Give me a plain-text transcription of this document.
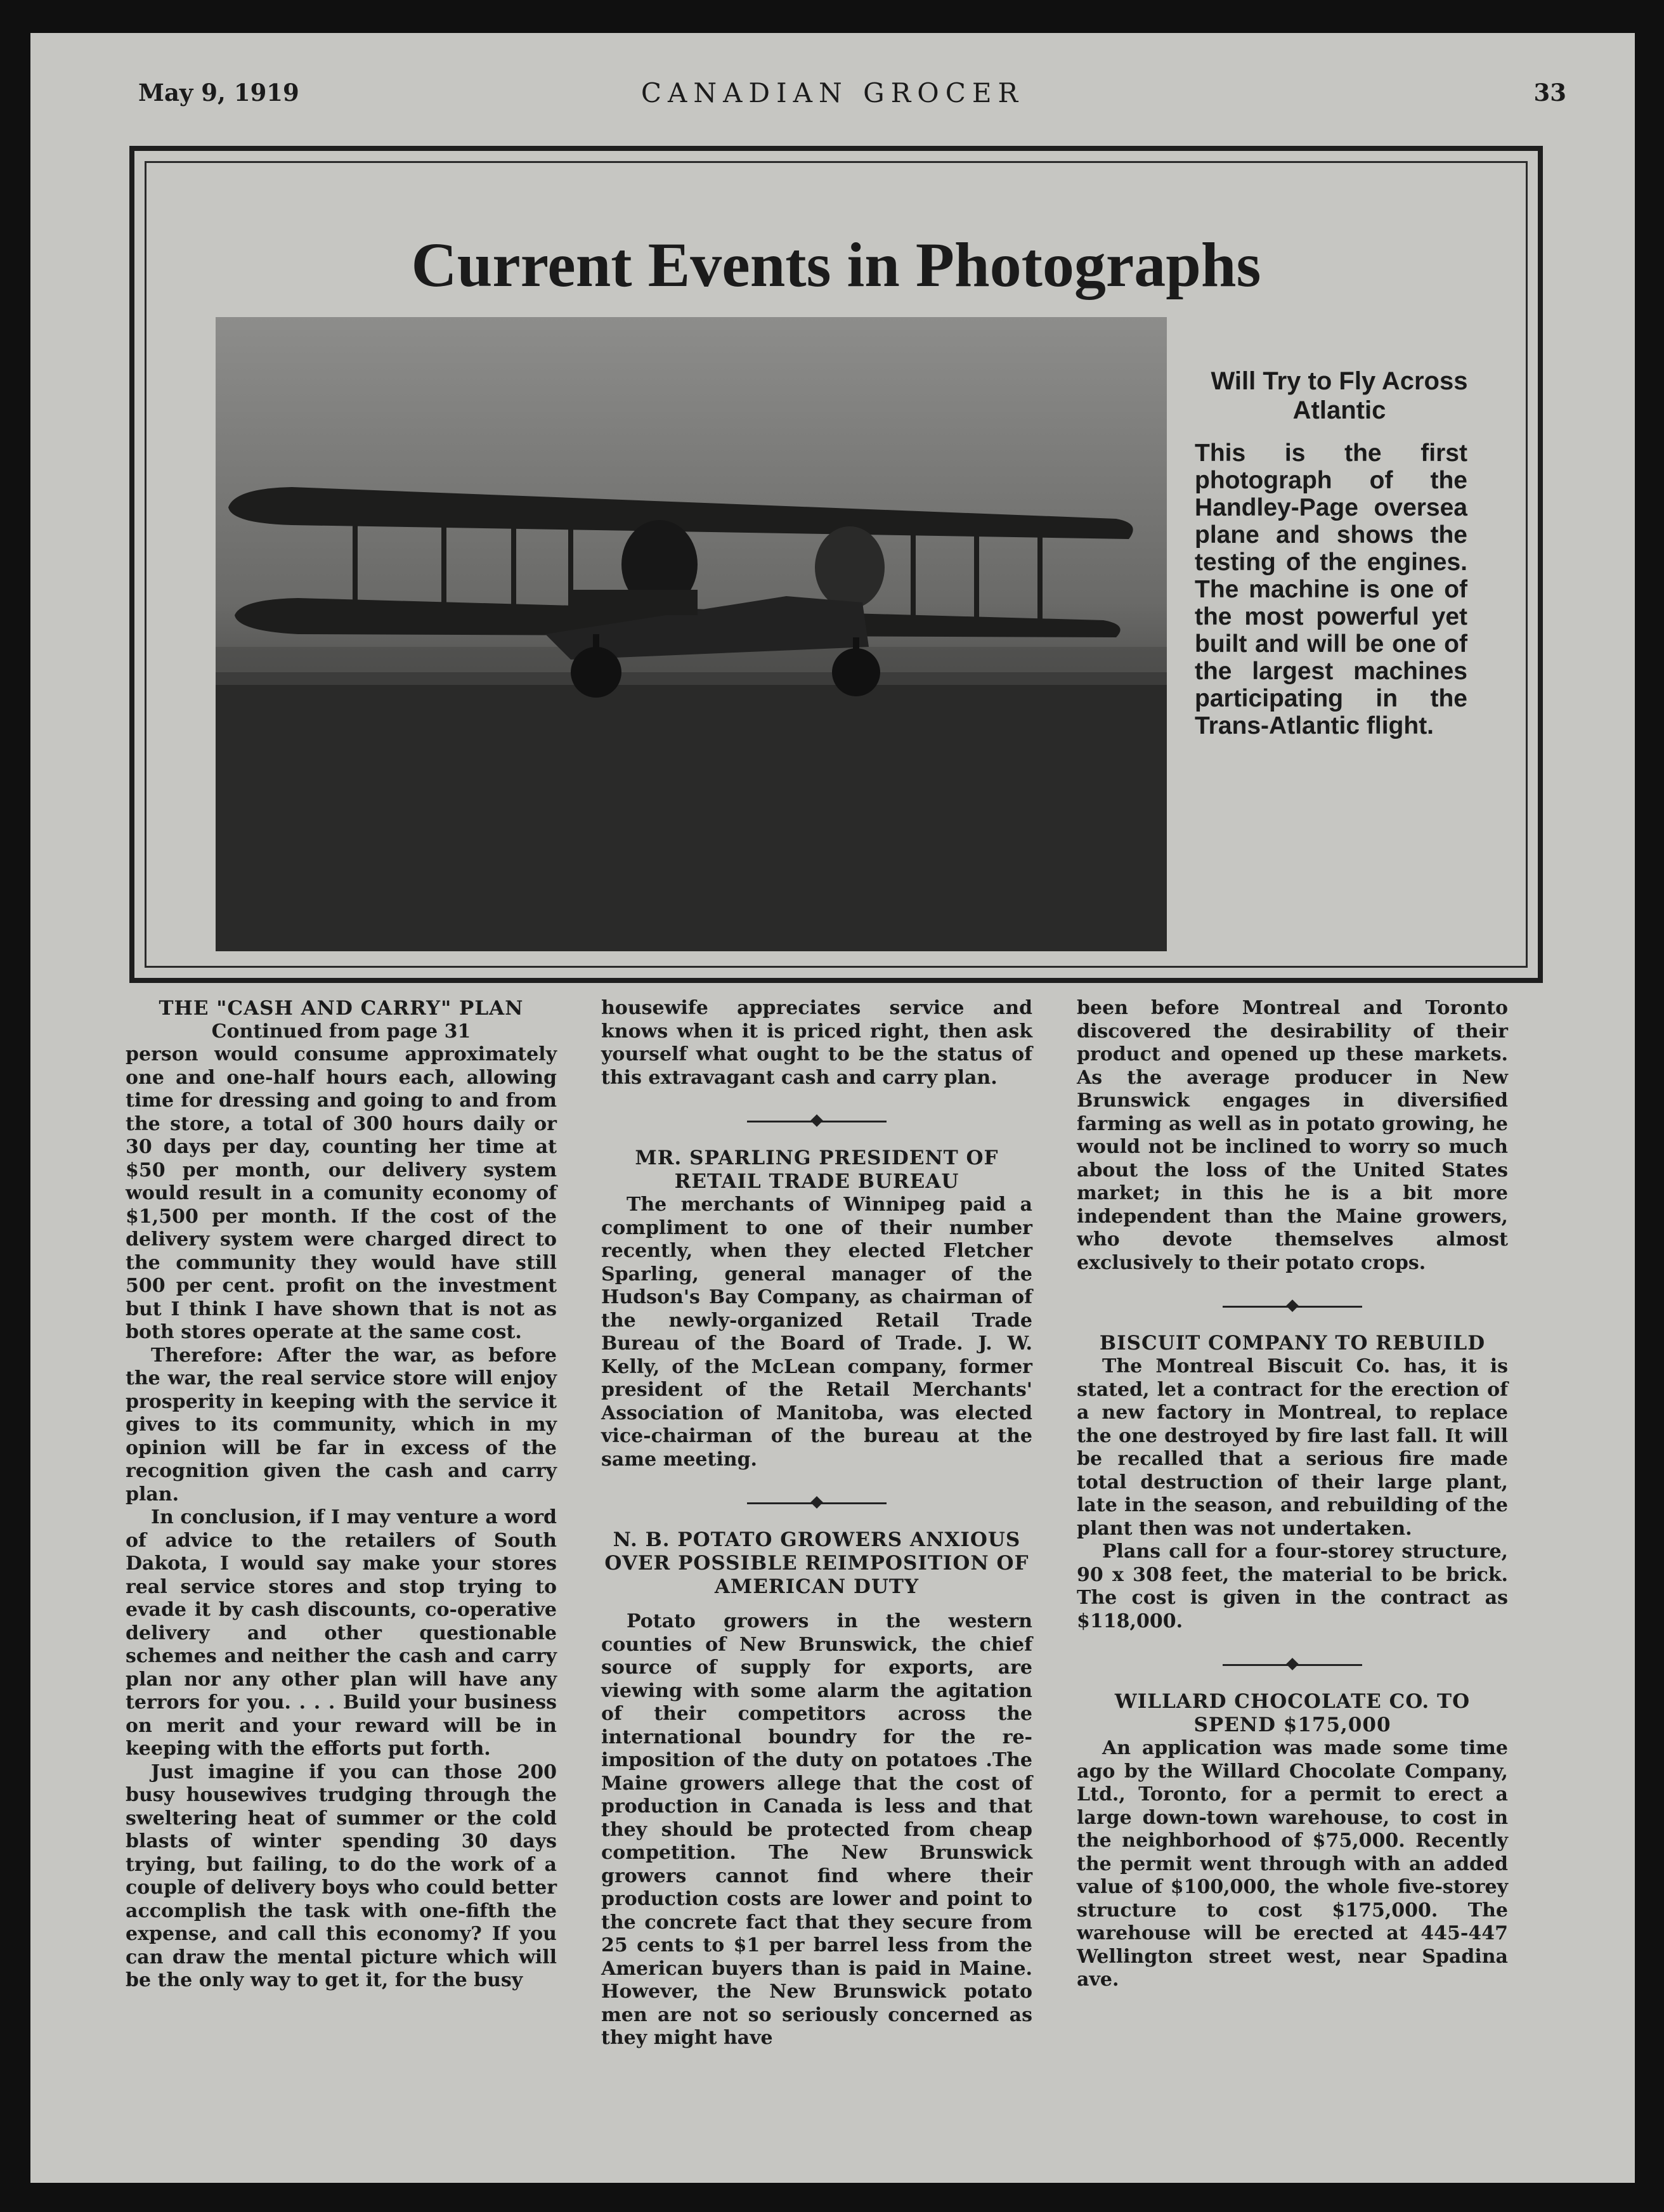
May 9, 1919	CANADIAN GROCER	33
Current Events in Photographs
Will Try to Fly Across Atlantic

This is the first photograph of the Handley-Page oversea plane and shows the testing of the engines. The machine is one of the most powerful yet built and will be one of the largest machines participating in the Trans-Atlantic flight.

THE "CASH AND CARRY" PLAN
Continued from page 31

person would consume approximately one and one-half hours each, allowing time for dressing and going to and from the store, a total of 300 hours daily or 30 days per day, counting her time at $50 per month, our delivery system would result in a comunity economy of $1,500 per month. If the cost of the delivery system were charged direct to the community they would have still 500 per cent. profit on the investment but I think I have shown that is not as both stores operate at the same cost.

Therefore: After the war, as before the war, the real service store will enjoy prosperity in keeping with the service it gives to its community, which in my opinion will be far in excess of the recognition given the cash and carry plan.

In conclusion, if I may venture a word of advice to the retailers of South Dakota, I would say make your stores real service stores and stop trying to evade it by cash discounts, co-operative delivery and other questionable schemes and neither the cash and carry plan nor any other plan will have any terrors for you. . . . Build your business on merit and your reward will be in keeping with the efforts put forth.

Just imagine if you can those 200 busy housewives trudging through the sweltering heat of summer or the cold blasts of winter spending 30 days trying, but failing, to do the work of a couple of delivery boys who could better accomplish the task with one-fifth the expense, and call this economy? If you can draw the mental picture which will be the only way to get it, for the busy

housewife appreciates service and knows when it is priced right, then ask yourself what ought to be the status of this extravagant cash and carry plan.

MR. SPARLING PRESIDENT OF RETAIL TRADE BUREAU

The merchants of Winnipeg paid a compliment to one of their number recently, when they elected Fletcher Sparling, general manager of the Hudson's Bay Company, as chairman of the newly-organized Retail Trade Bureau of the Board of Trade. J. W. Kelly, of the McLean company, former president of the Retail Merchants' Association of Manitoba, was elected vice-chairman of the bureau at the same meeting.

N. B. POTATO GROWERS ANXIOUS OVER POSSIBLE REIMPOSITION OF AMERICAN DUTY

Potato growers in the western counties of New Brunswick, the chief source of supply for exports, are viewing with some alarm the agitation of their competitors across the international boundry for the re-imposition of the duty on potatoes .The Maine growers allege that the cost of production in Canada is less and that they should be protected from cheap competition. The New Brunswick growers cannot find where their production costs are lower and point to the concrete fact that they secure from 25 cents to $1 per barrel less from the American buyers than is paid in Maine. However, the New Brunswick potato men are not so seriously concerned as they might have

been before Montreal and Toronto discovered the desirability of their product and opened up these markets. As the average producer in New Brunswick engages in diversified farming as well as in potato growing, he would not be inclined to worry so much about the loss of the United States market; in this he is a bit more independent than the Maine growers, who devote themselves almost exclusively to their potato crops.

BISCUIT COMPANY TO REBUILD

The Montreal Biscuit Co. has, it is stated, let a contract for the erection of a new factory in Montreal, to replace the one destroyed by fire last fall. It will be recalled that a serious fire made total destruction of their large plant, late in the season, and rebuilding of the plant then was not undertaken.

Plans call for a four-storey structure, 90 x 308 feet, the material to be brick. The cost is given in the contract as $118,000.

WILLARD CHOCOLATE CO. TO SPEND $175,000

An application was made some time ago by the Willard Chocolate Company, Ltd., Toronto, for a permit to erect a large down-town warehouse, to cost in the neighborhood of $75,000. Recently the permit went through with an added value of $100,000, the whole five-storey structure to cost $175,000. The warehouse will be erected at 445-447 Wellington street west, near Spadina ave.
